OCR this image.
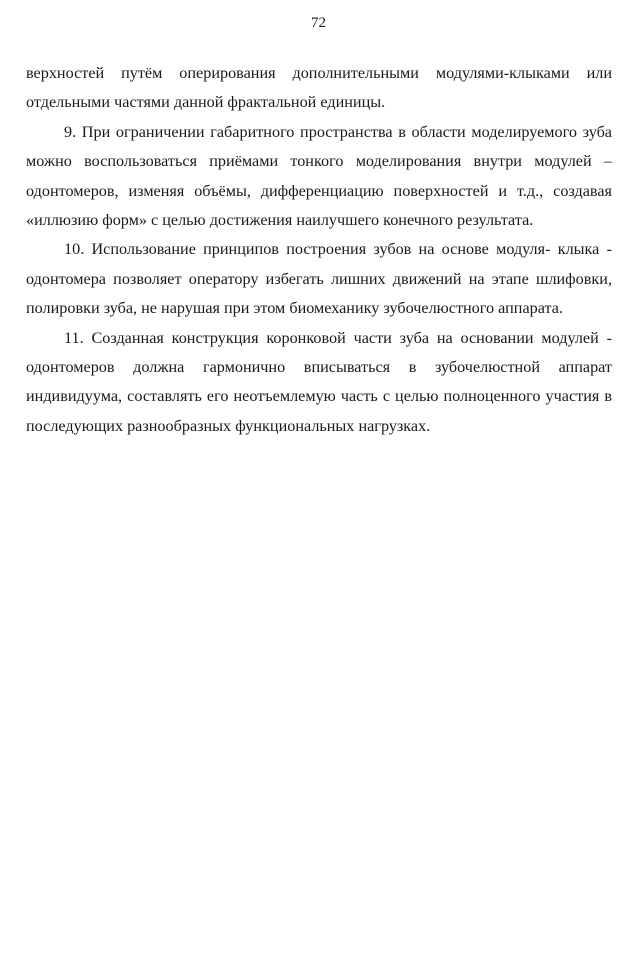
72

верхностей путём оперирования дополнительными модулями-клыками или отдельными частями данной фрактальной единицы.

9. При ограничении габаритного пространства в области моделируемого зуба можно воспользоваться приёмами тонкого моделирования внутри модулей – одонтомеров, изменяя объёмы, дифференциацию поверхностей и т.д., создавая «иллюзию форм» с целью достижения наилучшего конечного результата.

10. Использование принципов построения зубов на основе модуля- клыка - одонтомера позволяет оператору избегать лишних движений на этапе шлифовки, полировки зуба, не нарушая при этом биомеханику зубочелюстного аппарата.

11. Созданная конструкция коронковой части зуба на основании модулей - одонтомеров должна гармонично вписываться в зубочелюстной аппарат индивидуума, составлять его неотъемлемую часть с целью полноценного участия в последующих разнообразных функциональных нагрузках.
